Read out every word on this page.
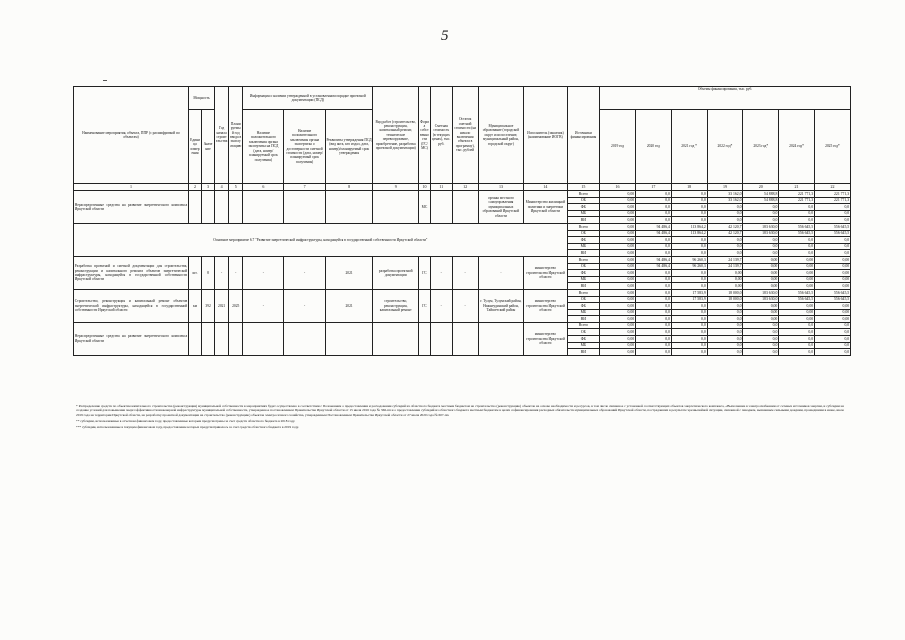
5
Наименование мероприятия, объекта, ППР (с расшифровкой по объектам)	Мощность		Год начала строительства	Планируемый год ввода в эксплуатацию	Информация о наличии утвержденной в установленном порядке проектной документации (ПСД)			Вид работ (строительство, реконструкция, капитальный ремонт, техническое перевооружение, приобретение, разработка проектной документации)	Форма собственности (ГС/ МС)	Сметная стоимость (в текущих ценах), тыс. руб.	Остаток сметной стоимости (на начало включения объекта в программу), тыс. рублей	Муниципальное образование (городской округ или поселение, муниципальный район, городской округ)	Исполнитель (заказчик) (наименование ИОГВ)	Источники финансирования	Объемы финансирования, тыс. руб.						
	Единица измерения	Значение			Наличие положительного заключения органа экспертизы на ПСД (дата, номер/планируемый срок получения)	Наличие положительного заключения органа экспертизы о достоверности сметной стоимости (дата, номер/планируемый срок получения)	Реквизиты утверждения ПСД (вид акта, кто издал, дата, номер)/планируемый срок утверждения								2019 год	2020 год	2021 год *	2022 год*	2023 год*	2024 год*	2025 год*
1	2	3	4	5	6	7	8	9	10	11	12	13	14	15	16	17	18	19	20	21	22
Нераспределенные средства на развитие энергетического комплекса Иркутской области									МС			органы местного самоуправления муниципальных образований Иркутской области	Министерство жилищной политики и энергетики Иркутской области	Всего	0,00	0,0	0,0	33 162,0	54 888,8	221 771,3	221 771,3
														ОБ	0,00	0,0	0,0	33 162,0	54 888,8	221 771,3	221 771,3
														ФБ	0,00	0,0	0,0	0,0	0,0	0,0	0,0
														МБ	0,00	0,0	0,0	0,0	0,0	0,0	0,0
														ВИ	0,00	0,0	0,0	0,0	0,0	0,0	0,0
Основное мероприятие 6.7 "Развитие энергетической инфраструктуры, находящейся в государственной собственности Иркутской области"														Всего	0,00	94 486,4	113 864,2	42 120,7	183 630,0	556 645,5	556 645,5
														ОБ	0,00	94 486,4	113 864,2	42 120,7	183 630,0	556 645,5	556 645,5
														ФБ	0,00	0,0	0,0	0,0	0,0	0,0	0,0
														МБ	0,00	0,0	0,0	0,0	0,0	0,0	0,0
														ВИ	0,00	0,0	0,0	0,0	0,0	0,0	0,0
Разработка проектной и сметной документации для строительства, реконструкции и капитального ремонта объектов энергетической инфраструктуры, находящейся в государственной собственности Иркутской области	шт.	8	-	-	-	-	2021	разработка проектной документации	ГС	-	-	-	министерство строительства Иркутской области	Всего	0,00	94 486,4	96 260,3	24 139,7	0,00	0,00	0,00
														ОБ	0,00	94 486,4	96 260,3	24 139,7	0,00	0,00	0,00
														ФБ	0,00	0,0	0,0	0,00	0,00	0,00	0,00
														МБ	0,00	0,0	0,0	0,00	0,00	0,00	0,00
														ВИ	0,00	0,0	0,0	0,00	0,00	0,00	0,00
Строительство, реконструкция и капитальный ремонт объектов энергетической инфраструктуры, находящейся в государственной собственности Иркутской области	км	392	2021	2025	-	-	2021	строительство, реконструкция, капитальный ремонт	ГС	-	-	г. Тулун, Тулунский район, Нижнеудинский район, Тайшетский район	министерство строительства Иркутской области	Всего	0,00	0,0	17 583,9	18 000,0	183 630,0	556 645,5	556 645,5
														ОБ	0,00	0,0	17 583,9	18 000,0	183 630,0	556 645,5	556 645,5
														ФБ	0,00	0,0	0,0	0,0	0,00	0,00	0,00
														МБ	0,00	0,0	0,0	0,0	0,00	0,00	0,00
														ВИ	0,00	0,0	0,0	0,0	0,00	0,00	0,00
Нераспределенные средства на развитие энергетического комплекса Иркутской области													министерство строительства Иркутской области	Всего	0,00	0,0	0,0	0,0	0,0	0,0	0,0
														ОБ	0,00	0,0	0,0	0,0	0,0	0,0	0,0
														ФБ	0,00	0,0	0,0	0,0	0,0	0,0	0,0
														МБ	0,00	0,0	0,0	0,0	0,0	0,0	0,0
														ВИ	0,00	0,0	0,0	0,0	0,0	0,0	0,0

* Распределение средств по объектам капитального строительства (реконструкции) муниципальной собственности в мероприятиях будет осуществлено в соответствии с Положением о предоставлении и расходовании субсидий из областного бюджета местным бюджетам на строительство (реконструкцию) объектов на основе необходимости и ресурсов, в том числе связанное с установкой соответствующих объектов энергетического комплекса, «Выполнение в электроснабжении от сетевых источников энергии, и субсидии на создание условий для повышения энергоэффективности инженерной инфраструктуры муниципальной собственности, утвержденное постановлением Правительства Иркутской области от 15 июля 2016 года № 366-пп и о предоставлении субсидий из областного бюджета местным бюджетам в целях софинансирования расходных обязательств муниципальных образований Иркутской области, пострадавших в результате чрезвычайной ситуации, связанной с паводком, вызванным сильными дождями, прошедшими в июне, июле 2019 года на территории Иркутской области, на разработку проектной документации на строительство (реконструкцию) объектов электросетевого хозяйства, утвержденным Постановлением Правительства Иркутской области от 27 июля 2020 года № 607-пп.

** субсидии, использованные в отчетном финансовом году, предоставленные которым предусмотрены за счет средств областного бюджета в 2018 году.

*** субсидии, использованные в текущем финансовом году, предоставление которых предусматривалось за счет средств областного бюджета в 2019 году.
